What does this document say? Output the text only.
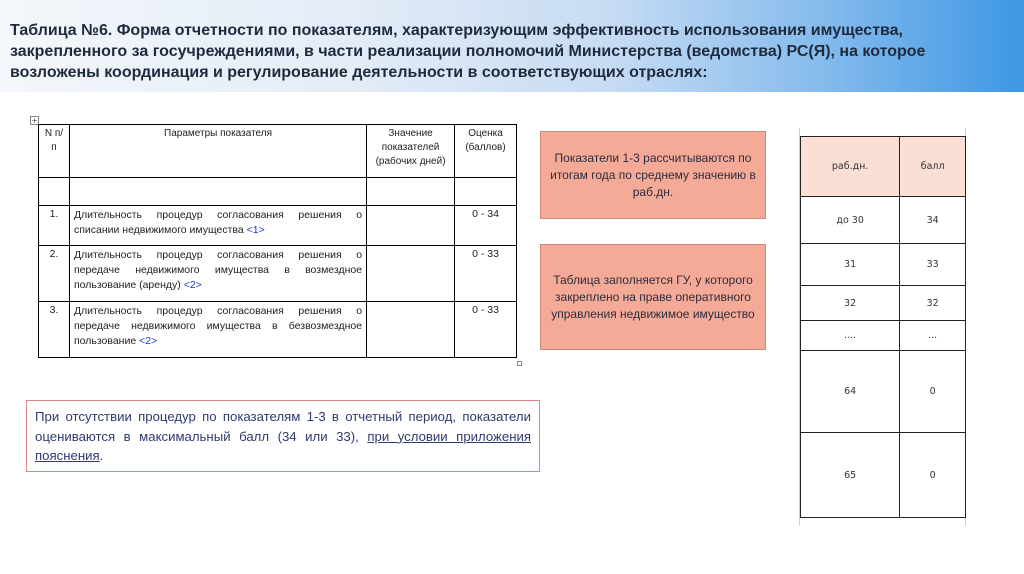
Таблица №6. Форма отчетности по показателям, характеризующим эффективность использования имущества, закрепленного за госучреждениями, в части реализации полномочий Министерства (ведомства) РС(Я), на которое возложены координация и регулирование деятельности в соответствующих отраслях:
+
N п/п	Параметры показателя	Значение показателей (рабочих дней)	Оценка (баллов)

1.	Длительность процедур согласования решения о списании недвижимого имущества <1>		0 - 34
2.	Длительность процедур согласования решения о передаче недвижимого имущества в возмездное пользование (аренду) <2>		0 - 33
3.	Длительность процедур согласования решения о передаче недвижимого имущества в безвозмездное пользование <2>		0 - 33
При отсутствии процедур по показателям 1-3 в отчетный период, показатели оцениваются в максимальный балл (34 или 33), при условии приложения пояснения.
Показатели 1-3 рассчитываются по итогам года по среднему значению в раб.дн.
Таблица заполняется ГУ, у которого закреплено на праве оперативного управления недвижимое имущество
раб.дн.	балл
до 30	34
31	33
32	32
....	...
64	0
65	0
